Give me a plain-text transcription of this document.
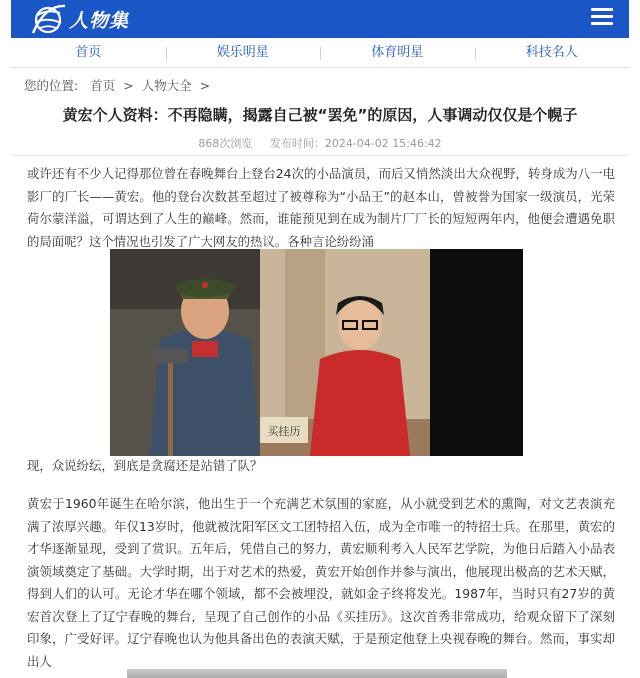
人物集
首页	娱乐明星	体育明星	科技名人
您的位置: 首页 > 人物大全 >
黄宏个人资料：不再隐瞒，揭露自己被“罢免”的原因，人事调动仅仅是个幌子
868次浏览 发布时间：2024-04-02 15:46:42
或许还有不少人记得那位曾在春晚舞台上登台24次的小品演员，而后又悄然淡出大众视野，转身成为八一电影厂的厂长——黄宏。他的登台次数甚至超过了被尊称为“小品王”的赵本山，曾被誉为国家一级演员，光荣荷尔蒙洋溢，可谓达到了人生的巅峰。然而，谁能预见到在成为制片厂厂长的短短两年内，他便会遭遇免职的局面呢？这个情况也引发了广大网友的热议。各种言论纷纷涌
买挂历
现，众说纷纭，到底是贪腐还是站错了队？
黄宏于1960年诞生在哈尔滨，他出生于一个充满艺术氛围的家庭，从小就受到艺术的熏陶，对文艺表演充满了浓厚兴趣。年仅13岁时，他就被沈阳军区文工团特招入伍，成为全市唯一的特招士兵。在那里，黄宏的才华逐渐显现，受到了赏识。五年后，凭借自己的努力，黄宏顺利考入人民军艺学院，为他日后踏入小品表演领域奠定了基础。大学时期，出于对艺术的热爱，黄宏开始创作并参与演出，他展现出极高的艺术天赋，得到人们的认可。无论才华在哪个领域，都不会被埋没，就如金子终将发光。1987年，当时只有27岁的黄宏首次登上了辽宁春晚的舞台，呈现了自己创作的小品《买挂历》。这次首秀非常成功，给观众留下了深刻印象，广受好评。辽宁春晚也认为他具备出色的表演天赋，于是预定他登上央视春晚的舞台。然而，事实却出人
